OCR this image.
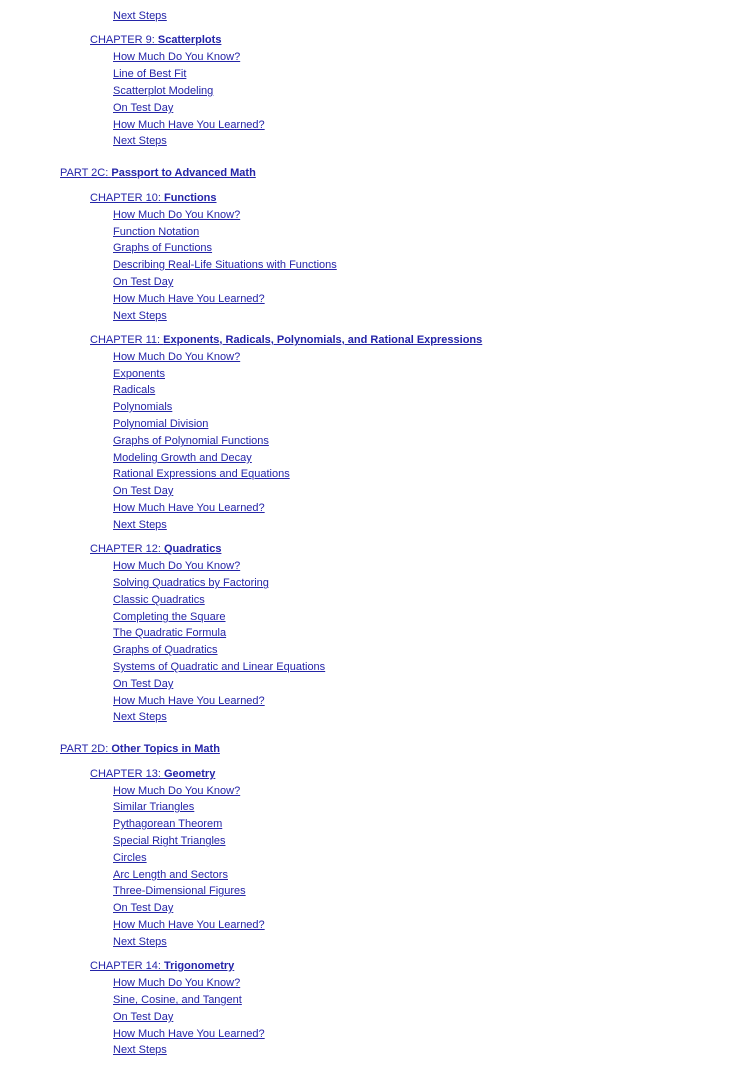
Next Steps
CHAPTER 9: Scatterplots
How Much Do You Know?
Line of Best Fit
Scatterplot Modeling
On Test Day
How Much Have You Learned?
Next Steps
PART 2C: Passport to Advanced Math
CHAPTER 10: Functions
How Much Do You Know?
Function Notation
Graphs of Functions
Describing Real-Life Situations with Functions
On Test Day
How Much Have You Learned?
Next Steps
CHAPTER 11: Exponents, Radicals, Polynomials, and Rational Expressions
How Much Do You Know?
Exponents
Radicals
Polynomials
Polynomial Division
Graphs of Polynomial Functions
Modeling Growth and Decay
Rational Expressions and Equations
On Test Day
How Much Have You Learned?
Next Steps
CHAPTER 12: Quadratics
How Much Do You Know?
Solving Quadratics by Factoring
Classic Quadratics
Completing the Square
The Quadratic Formula
Graphs of Quadratics
Systems of Quadratic and Linear Equations
On Test Day
How Much Have You Learned?
Next Steps
PART 2D: Other Topics in Math
CHAPTER 13: Geometry
How Much Do You Know?
Similar Triangles
Pythagorean Theorem
Special Right Triangles
Circles
Arc Length and Sectors
Three-Dimensional Figures
On Test Day
How Much Have You Learned?
Next Steps
CHAPTER 14: Trigonometry
How Much Do You Know?
Sine, Cosine, and Tangent
On Test Day
How Much Have You Learned?
Next Steps
